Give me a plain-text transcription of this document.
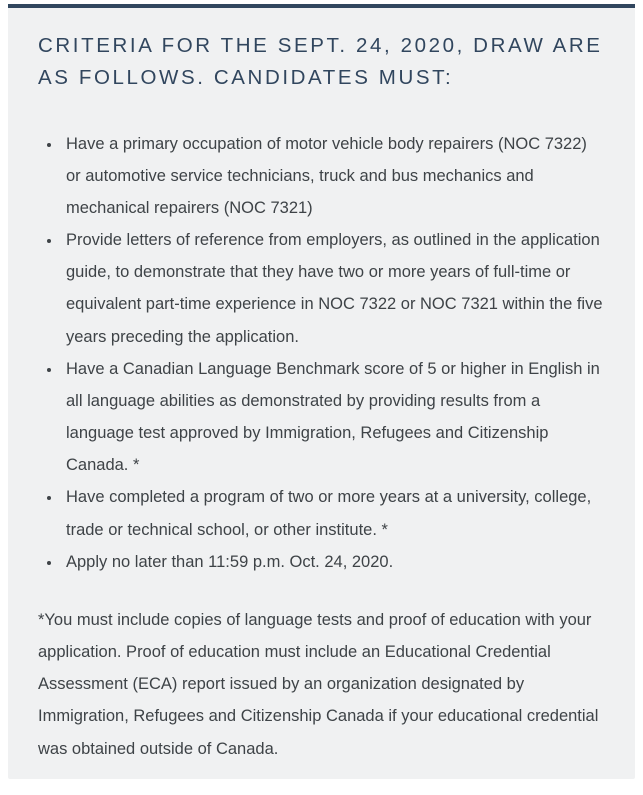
CRITERIA FOR THE SEPT. 24, 2020, DRAW ARE AS FOLLOWS. CANDIDATES MUST:
• Have a primary occupation of motor vehicle body repairers (NOC 7322) or automotive service technicians, truck and bus mechanics and mechanical repairers (NOC 7321)
• Provide letters of reference from employers, as outlined in the application guide, to demonstrate that they have two or more years of full-time or equivalent part-time experience in NOC 7322 or NOC 7321 within the five years preceding the application.
• Have a Canadian Language Benchmark score of 5 or higher in English in all language abilities as demonstrated by providing results from a language test approved by Immigration, Refugees and Citizenship Canada. *
• Have completed a program of two or more years at a university, college, trade or technical school, or other institute. *
• Apply no later than 11:59 p.m. Oct. 24, 2020.

*You must include copies of language tests and proof of education with your application. Proof of education must include an Educational Credential Assessment (ECA) report issued by an organization designated by Immigration, Refugees and Citizenship Canada if your educational credential was obtained outside of Canada.
